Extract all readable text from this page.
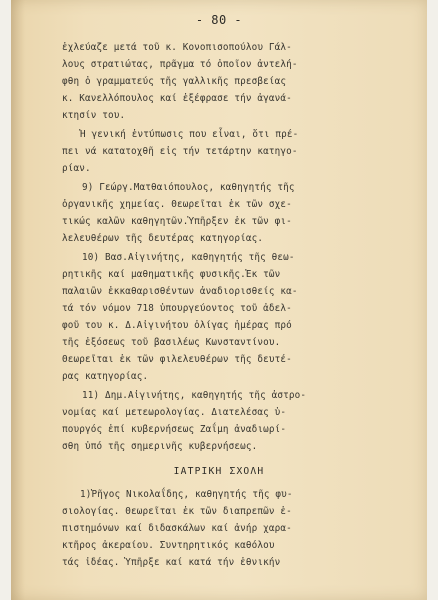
- 80 -
ἐχλεύαζε μετά τοῦ κ. Κονοπισοπούλου Γάλ-
λους στρατιώτας, πρᾶγμα τό ὁποῖον ἀντελή-
φθη ὁ γραμματεύς τῆς γαλλικῆς πρεσβείας
κ. Κανελλόπουλος καί ἐξέφρασε τήν ἀγανά-
κτησίν του.
Ἡ γενική ἐντύπωσις που εἶναι, ὅτι πρέ-
πει νά κατατοχθῆ εἰς τήν τετάρτην κατηγο-
ρίαν.
9) Γεώργ.Ματθαιόπουλος, καθηγητής τῆς
ὀργανικῆς χημείας. Θεωρεῖται ἐκ τῶν σχε-
τικώς καλῶν καθηγητῶν.Ὑπῆρξεν ἐκ τῶν φι-
λελευθέρων τῆς δευτέρας κατηγορίας.
10) Βασ.Αἰγινήτης, καθηγητής τῆς θεω-
ρητικῆς καί μαθηματικῆς φυσικῆς.Ἐκ τῶν
παλαιῶν ἐκκαθαρισθέντων ἀναδιορισθείς κα-
τά τόν νόμον 718 ὑπουργεύοντος τοῦ ἀδελ-
φοῦ του κ. Δ.Αἰγινήτου ὀλίγας ἡμέρας πρό
τῆς ἐξόσεως τοῦ βασιλέως Κωνσταντίνου.
Θεωρεῖται ἐκ τῶν φιλελευθέρων τῆς δευτέ-
ρας κατηγορίας.
11) Δημ.Αἰγινήτης, καθηγητής τῆς ἀστρο-
νομίας καί μετεωρολογίας. Διατελέσας ὑ-
πουργός ἐπί κυβερνήσεως Ζαΐμη ἀναδιωρί-
σθη ὑπό τῆς σημερινῆς κυβερνήσεως.
ΙΑΤΡΙΚΗ ΣΧΟΛΗ
1)Ῥῆγος Νικολαΐδης, καθηγητής τῆς φυ-
σιολογίας. Θεωρεῖται ἐκ τῶν διαπρεπῶν ἐ-
πιστημόνων καί διδασκάλων καί ἀνήρ χαρα-
κτῆρος ἀκεραίου. Συντηρητικός καθόλου
τάς ἰδέας. Ὑπῆρξε καί κατά τήν ἐθνικήν
